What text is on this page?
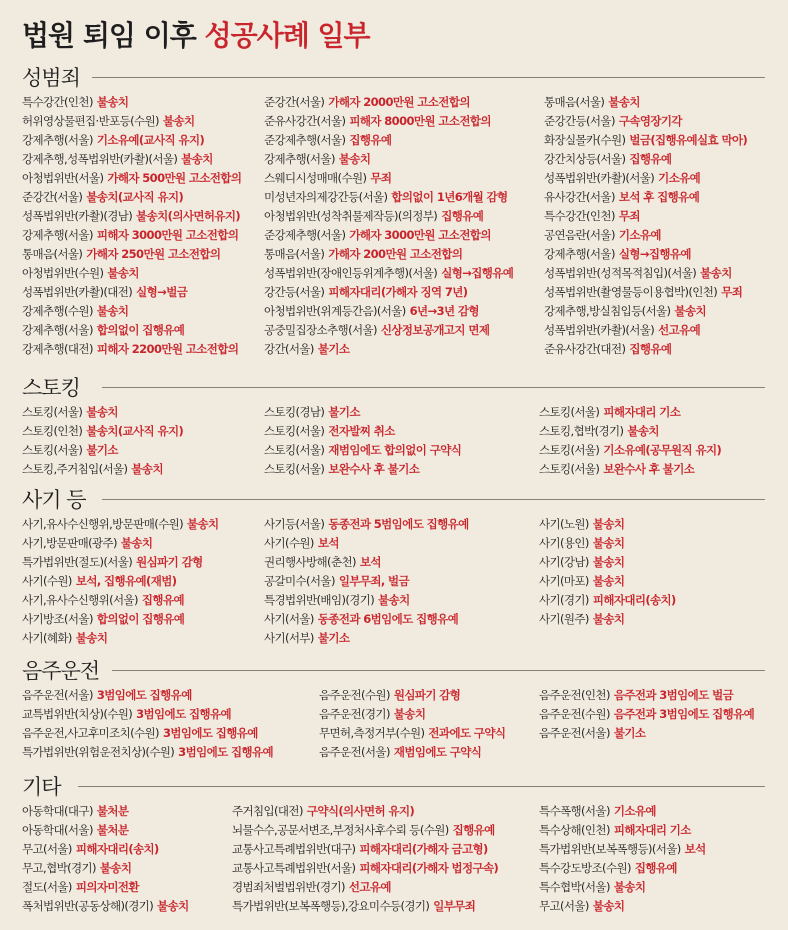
법원 퇴임 이후 성공사례 일부
성범죄
특수강간(인천) 불송치
허위영상물편집·반포등(수원) 불송치
강제추행(서울) 기소유예(교사직 유지)
강제추행,성폭법위반(카촬)(서울) 불송치
아청법위반(서울) 가해자 500만원 고소전합의
준강간(서울) 불송치(교사직 유지)
성폭법위반(카촬)(경남) 불송치(의사면허유지)
강제추행(서울) 피해자 3000만원 고소전합의
통매음(서울) 가해자 250만원 고소전합의
아청법위반(수원) 불송치
성폭법위반(카촬)(대전) 실형→벌금
강제추행(수원) 불송치
강제추행(서울) 합의없이 집행유예
강제추행(대전) 피해자 2200만원 고소전합의
준강간(서울) 가해자 2000만원 고소전합의
준유사강간(서울) 피해자 8000만원 고소전합의
준강제추행(서울) 집행유예
강제추행(서울) 불송치
스웨디시성매매(수원) 무죄
미성년자의제강간등(서울) 합의없이 1년6개월 감형
아청법위반(성착취물제작등)(의정부) 집행유예
준강제추행(서울) 가해자 3000만원 고소전합의
통매음(서울) 가해자 200만원 고소전합의
성폭법위반(장애인등위계추행)(서울) 실형→집행유예
강간등(서울) 피해자대리(가해자 징역 7년)
아청법위반(위계등간음)(서울) 6년→3년 감형
공중밀집장소추행(서울) 신상정보공개고지 면제
강간(서울) 불기소
통매음(서울) 불송치
준강간등(서울) 구속영장기각
화장실몰카(수원) 벌금(집행유예실효 막아)
강간치상등(서울) 집행유예
성폭법위반(카촬)(서울) 기소유예
유사강간(서울) 보석 후 집행유예
특수강간(인천) 무죄
공연음란(서울) 기소유예
강제추행(서울) 실형→집행유예
성폭법위반(성적목적침입)(서울) 불송치
성폭법위반(촬영물등이용협박)(인천) 무죄
강제추행,방실침입등(서울) 불송치
성폭법위반(카촬)(서울) 선고유예
준유사강간(대전) 집행유예
스토킹
스토킹(서울) 불송치
스토킹(인천) 불송치(교사직 유지)
스토킹(서울) 불기소
스토킹,주거침입(서울) 불송치
스토킹(경남) 불기소
스토킹(서울) 전자발찌 취소
스토킹(서울) 재범임에도 합의없이 구약식
스토킹(서울) 보완수사 후 불기소
스토킹(서울) 피해자대리 기소
스토킹,협박(경기) 불송치
스토킹(서울) 기소유예(공무원직 유지)
스토킹(서울) 보완수사 후 불기소
사기 등
사기,유사수신행위,방문판매(수원) 불송치
사기,방문판매(광주) 불송치
특가법위반(절도)(서울) 원심파기 감형
사기(수원) 보석, 집행유예(재범)
사기,유사수신행위(서울) 집행유예
사기방조(서울) 합의없이 집행유예
사기(혜화) 불송치
사기등(서울) 동종전과 5범임에도 집행유예
사기(수원) 보석
권리행사방해(춘천) 보석
공갈미수(서울) 일부무죄, 벌금
특경법위반(배임)(경기) 불송치
사기(서울) 동종전과 6범임에도 집행유예
사기(서부) 불기소
사기(노원) 불송치
사기(용인) 불송치
사기(강남) 불송치
사기(마포) 불송치
사기(경기) 피해자대리(송치)
사기(원주) 불송치
음주운전
음주운전(서울) 3범임에도 집행유예
교특법위반(치상)(수원) 3범임에도 집행유예
음주운전,사고후미조치(수원) 3범임에도 집행유예
특가법위반(위험운전치상)(수원) 3범임에도 집행유예
음주운전(수원) 원심파기 감형
음주운전(경기) 불송치
무면허,측정거부(수원) 전과에도 구약식
음주운전(서울) 재범임에도 구약식
음주운전(인천) 음주전과 3범임에도 벌금
음주운전(수원) 음주전과 3범임에도 집행유예
음주운전(서울) 불기소
기타
아동학대(대구) 불처분
아동학대(서울) 불처분
무고(서울) 피해자대리(송치)
무고,협박(경기) 불송치
절도(서울) 피의자미전환
폭처법위반(공동상해)(경기) 불송치
주거침입(대전) 구약식(의사면허 유지)
뇌물수수,공문서변조,부정처사후수뢰 등(수원) 집행유예
교통사고특례법위반(대구) 피해자대리(가해자 금고형)
교통사고특례법위반(서울) 피해자대리(가해자 법정구속)
경범죄처벌법위반(경기) 선고유예
특가법위반(보복폭행등),강요미수등(경기) 일부무죄
특수폭행(서울) 기소유예
특수상해(인천) 피해자대리 기소
특가법위반(보복폭행등)(서울) 보석
특수강도방조(수원) 집행유예
특수협박(서울) 불송치
무고(서울) 불송치
